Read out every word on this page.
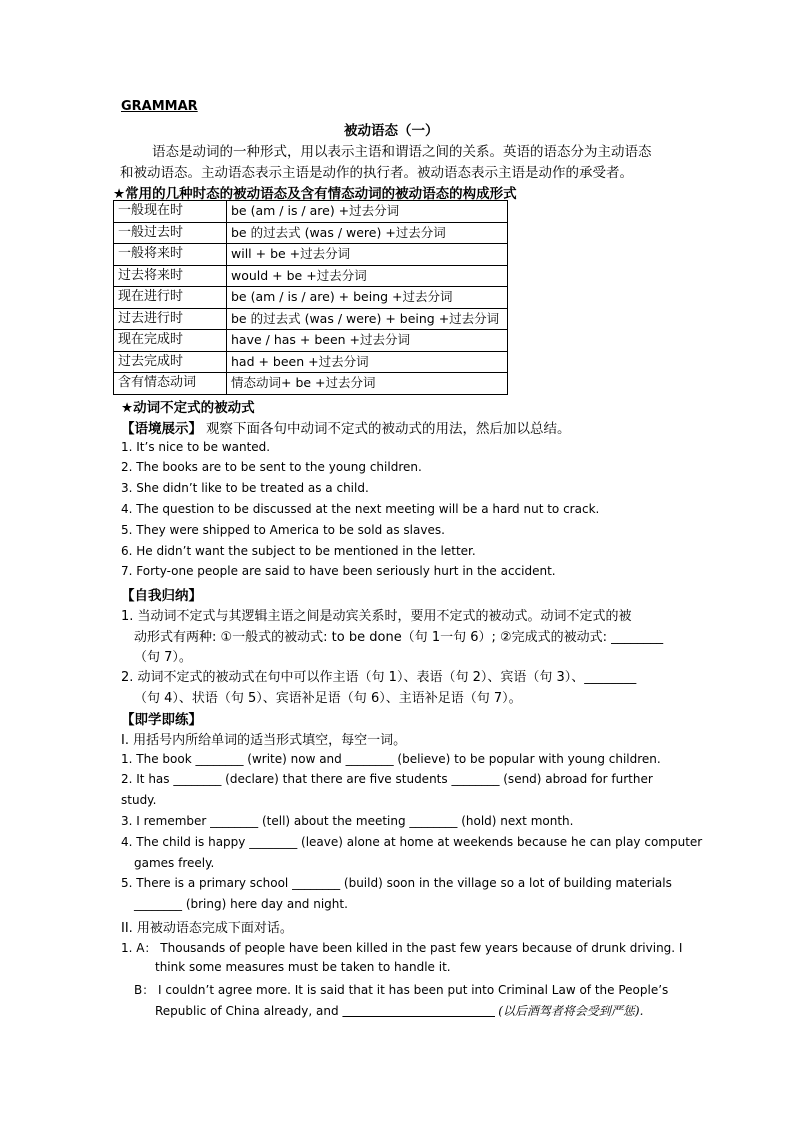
GRAMMAR
被动语态（一）
语态是动词的一种形式，用以表示主语和谓语之间的关系。英语的语态分为主动语态
和被动语态。主动语态表示主语是动作的执行者。被动语态表示主语是动作的承受者。
★常用的几种时态的被动语态及含有情态动词的被动语态的构成形式
一般现在时	be (am / is / are) +过去分词
一般过去时	be 的过去式 (was / were) +过去分词
一般将来时	will + be +过去分词
过去将来时	would + be +过去分词
现在进行时	be (am / is / are) + being +过去分词
过去进行时	be 的过去式 (was / were) + being +过去分词
现在完成时	have / has + been +过去分词
过去完成时	had + been +过去分词
含有情态动词	情态动词+ be +过去分词
★动词不定式的被动式
【语境展示】 观察下面各句中动词不定式的被动式的用法，然后加以总结。
1. It’s nice to be wanted.
2. The books are to be sent to the young children.
3. She didn’t like to be treated as a child.
4. The question to be discussed at the next meeting will be a hard nut to crack.
5. They were shipped to America to be sold as slaves.
6. He didn’t want the subject to be mentioned in the letter.
7. Forty-one people are said to have been seriously hurt in the accident.
【自我归纳】
1. 当动词不定式与其逻辑主语之间是动宾关系时，要用不定式的被动式。动词不定式的被
动形式有两种: ①一般式的被动式: to be done（句 1一句 6）; ②完成式的被动式: ________
（句 7）。
2. 动词不定式的被动式在句中可以作主语（句 1）、表语（句 2）、宾语（句 3）、________
（句 4）、状语（句 5）、宾语补足语（句 6）、主语补足语（句 7）。
【即学即练】
I. 用括号内所给单词的适当形式填空，每空一词。
1. The book ________ (write) now and ________ (believe) to be popular with young children.
2. It has ________ (declare) that there are five students ________ (send) abroad for further
study.
3. I remember ________ (tell) about the meeting ________ (hold) next month.
4. The child is happy ________ (leave) alone at home at weekends because he can play computer
games freely.
5. There is a primary school ________ (build) soon in the village so a lot of building materials
________ (bring) here day and night.
II. 用被动语态完成下面对话。
1. A： Thousands of people have been killed in the past few years because of drunk driving. I
think some measures must be taken to handle it.
B： I couldn’t agree more. It is said that it has been put into Criminal Law of the People’s
Republic of China already, and	(以后酒驾者将会受到严惩).
